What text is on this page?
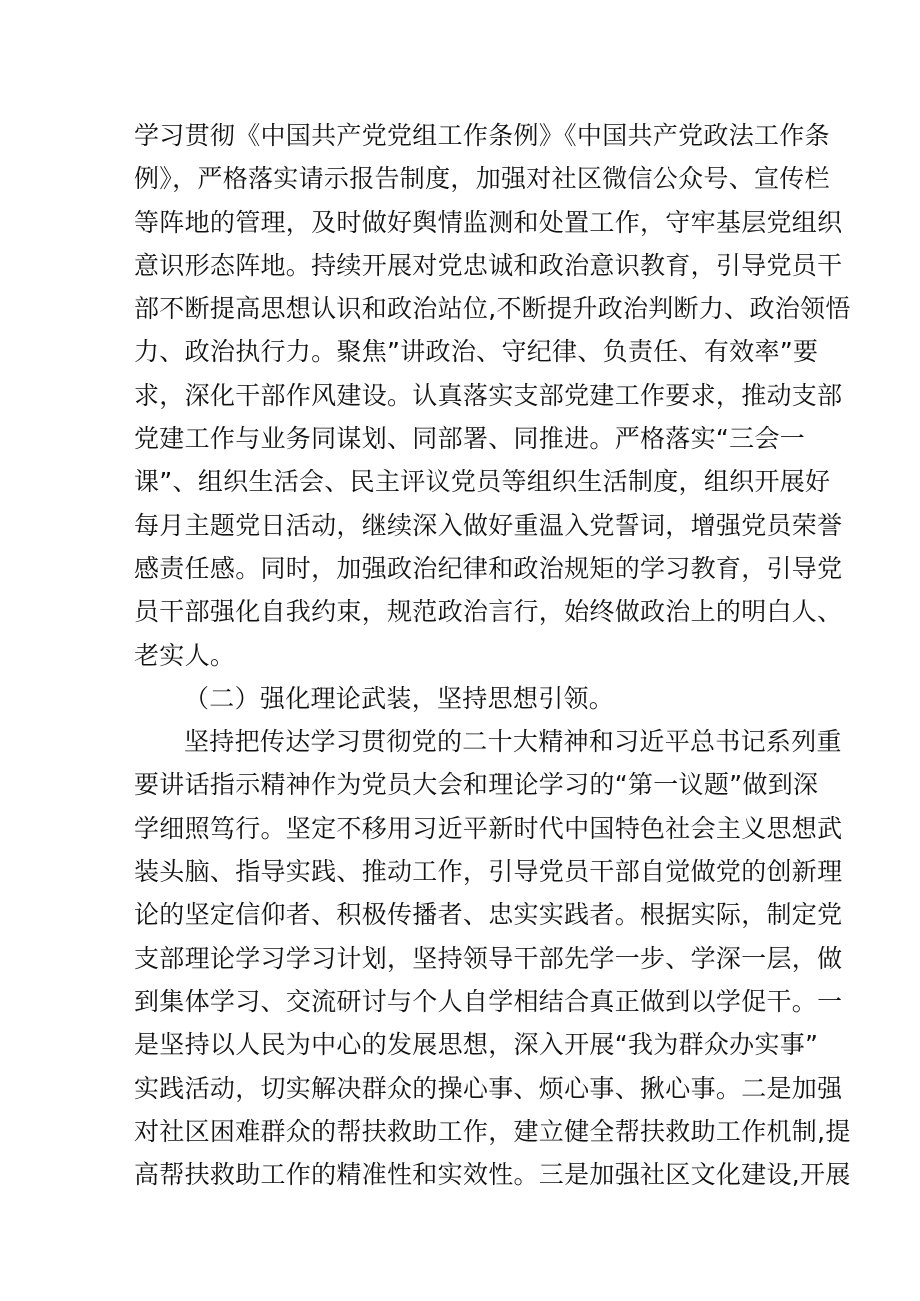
学习贯彻《中国共产党党组工作条例》《中国共产党政法工作条
例》，严格落实请示报告制度，加强对社区微信公众号、宣传栏
等阵地的管理，及时做好舆情监测和处置工作，守牢基层党组织
意识形态阵地。持续开展对党忠诚和政治意识教育，引导党员干
部不断提高思想认识和政治站位,不断提升政治判断力、政治领悟
力、政治执行力。聚焦”讲政治、守纪律、负责任、有效率”要
求，深化干部作风建设。认真落实支部党建工作要求，推动支部
党建工作与业务同谋划、同部署、同推进。严格落实“三会一
课”、组织生活会、民主评议党员等组织生活制度，组织开展好
每月主题党日活动，继续深入做好重温入党誓词，增强党员荣誉
感责任感。同时，加强政治纪律和政治规矩的学习教育，引导党
员干部强化自我约束，规范政治言行，始终做政治上的明白人、
老实人。
（二）强化理论武装，坚持思想引领。
坚持把传达学习贯彻党的二十大精神和习近平总书记系列重
要讲话指示精神作为党员大会和理论学习的“第一议题”做到深
学细照笃行。坚定不移用习近平新时代中国特色社会主义思想武
装头脑、指导实践、推动工作，引导党员干部自觉做党的创新理
论的坚定信仰者、积极传播者、忠实实践者。根据实际，制定党
支部理论学习学习计划，坚持领导干部先学一步、学深一层，做
到集体学习、交流研讨与个人自学相结合真正做到以学促干。一
是坚持以人民为中心的发展思想，深入开展“我为群众办实事”
实践活动，切实解决群众的操心事、烦心事、揪心事。二是加强
对社区困难群众的帮扶救助工作，建立健全帮扶救助工作机制,提
高帮扶救助工作的精准性和实效性。三是加强社区文化建设,开展
